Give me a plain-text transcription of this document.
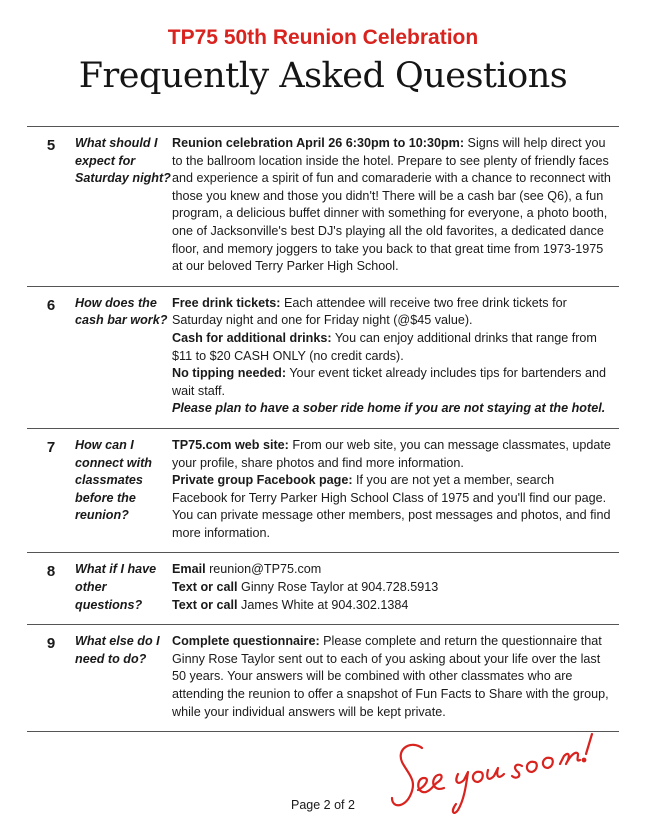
TP75 50th Reunion Celebration
Frequently Asked Questions
5	What should I expect for Saturday night?

Reunion celebration April 26 6:30pm to 10:30pm: Signs will help direct you to the ballroom location inside the hotel. Prepare to see plenty of friendly faces and experience a spirit of fun and comaraderie with a chance to reconnect with those you knew and those you didn't! There will be a cash bar (see Q6), a fun program, a delicious buffet dinner with something for everyone, a photo booth, one of Jacksonville's best DJ's playing all the old favorites, a dedicated dance floor, and memory joggers to take you back to that great time from 1973-1975 at our beloved Terry Parker High School.

6	How does the cash bar work?

Free drink tickets: Each attendee will receive two free drink tickets for Saturday night and one for Friday night (@$45 value).

Cash for additional drinks: You can enjoy additional drinks that range from $11 to $20 CASH ONLY (no credit cards).

No tipping needed: Your event ticket already includes tips for bartenders and wait staff.

Please plan to have a sober ride home if you are not staying at the hotel.

7	How can I connect with classmates before the reunion?

TP75.com web site: From our web site, you can message classmates, update your profile, share photos and find more information.

Private group Facebook page: If you are not yet a member, search Facebook for Terry Parker High School Class of 1975 and you'll find our page. You can private message other members, post messages and photos, and find more information.

8	What if I have other questions?

Email reunion@TP75.com

Text or call Ginny Rose Taylor at 904.728.5913

Text or call James White at 904.302.1384

9	What else do I need to do?

Complete questionnaire: Please complete and return the questionnaire that Ginny Rose Taylor sent out to each of you asking about your life over the last 50 years. Your answers will be combined with other classmates who are attending the reunion to offer a snapshot of Fun Facts to Share with the group, while your individual answers will be kept private.

Page 2 of 2
